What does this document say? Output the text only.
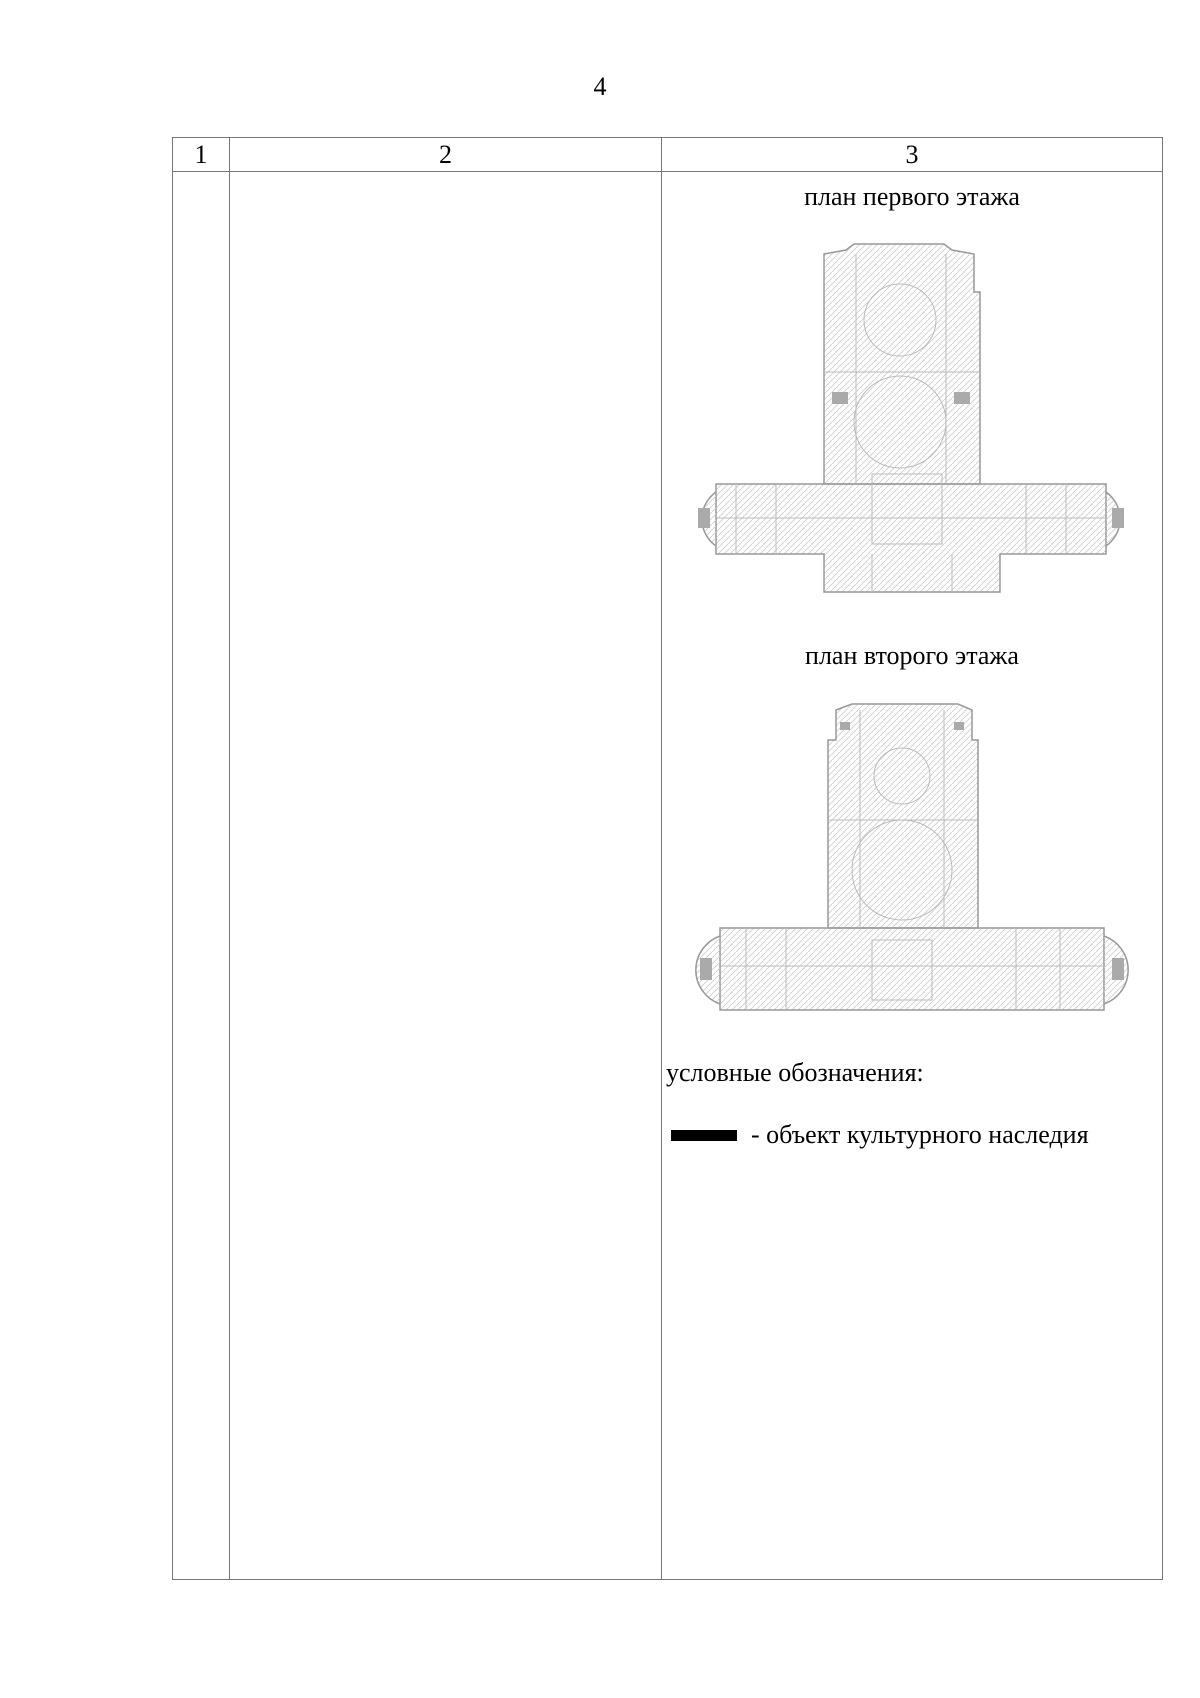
4
1	2	3

		план первого этажа
план второго этажа
условные обозначения:
- объект культурного наследия
